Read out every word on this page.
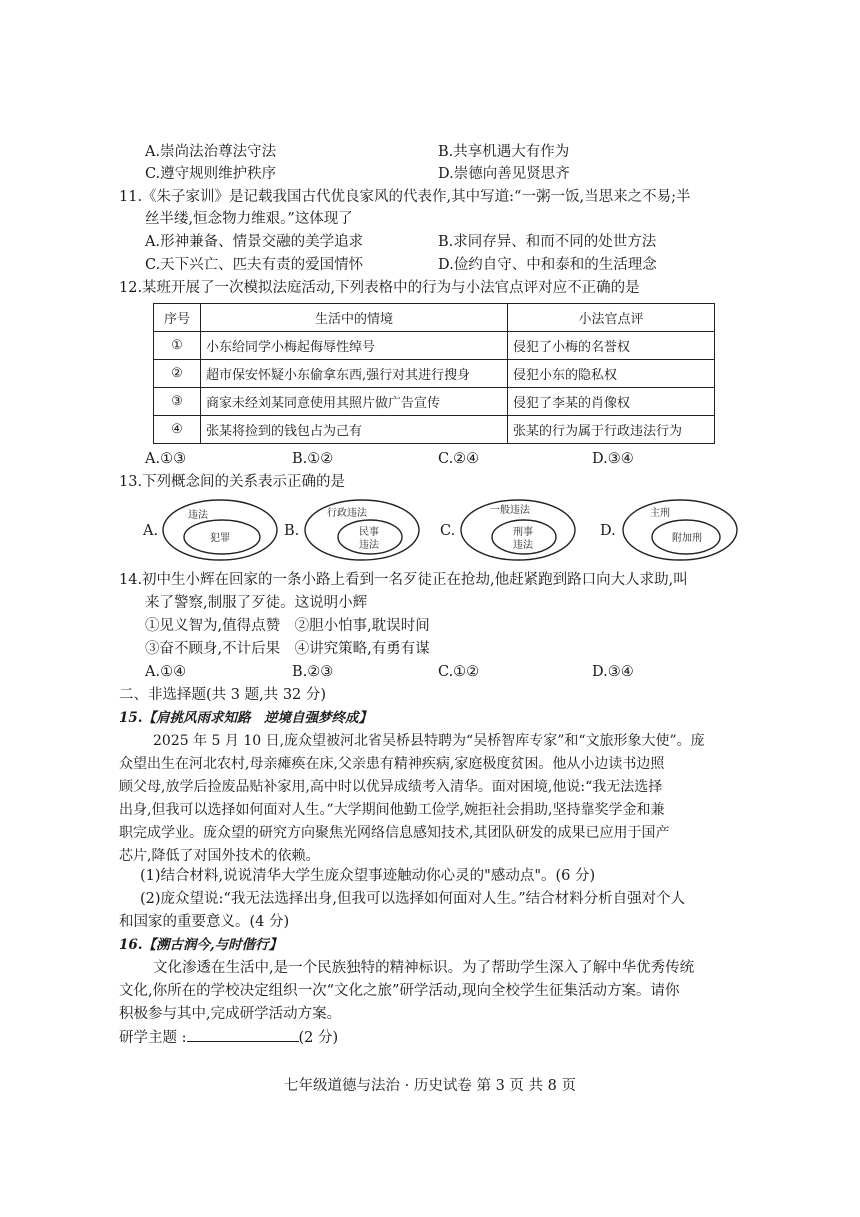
A.崇尚法治尊法守法	B.共享机遇大有作为
C.遵守规则维护秩序	D.崇德向善见贤思齐
11.《朱子家训》是记载我国古代优良家风的代表作,其中写道:“一粥一饭,当思来之不易;半
丝半缕,恒念物力维艰。”这体现了
A.形神兼备、情景交融的美学追求	B.求同存异、和而不同的处世方法
C.天下兴亡、匹夫有责的爱国情怀	D.俭约自守、中和泰和的生活理念
12.某班开展了一次模拟法庭活动,下列表格中的行为与小法官点评对应不正确的是
序号	生活中的情境	小法官点评
①	小东给同学小梅起侮辱性绰号	侵犯了小梅的名誉权
②	超市保安怀疑小东偷拿东西,强行对其进行搜身	侵犯小东的隐私权
③	商家未经刘某同意使用其照片做广告宣传	侵犯了李某的肖像权
④	张某将捡到的钱包占为己有	张某的行为属于行政违法行为
A.①③	B.①②	C.②④	D.③④
13.下列概念间的关系表示正确的是
A.
违法
犯罪	B.
行政违法
民事
违法
C.
一般违法
刑事
违法
D.
主刑
附加刑
14.初中生小辉在回家的一条小路上看到一名歹徒正在抢劫,他赶紧跑到路口向大人求助,叫
来了警察,制服了歹徒。这说明小辉
①见义智为,值得点赞　②胆小怕事,耽误时间
③奋不顾身,不计后果　④讲究策略,有勇有谋
A.①④	B.②③	C.①②	D.③④
二、非选择题(共 3 题,共 32 分)
15.【肩挑风雨求知路　逆境自强梦终成】
2025 年 5 月 10 日,庞众望被河北省吴桥县特聘为“吴桥智库专家”和“文旅形象大使”。庞
众望出生在河北农村,母亲瘫痪在床,父亲患有精神疾病,家庭极度贫困。他从小边读书边照
顾父母,放学后捡废品贴补家用,高中时以优异成绩考入清华。面对困境,他说:“我无法选择
出身,但我可以选择如何面对人生。”大学期间他勤工俭学,婉拒社会捐助,坚持靠奖学金和兼
职完成学业。庞众望的研究方向聚焦光网络信息感知技术,其团队研发的成果已应用于国产
芯片,降低了对国外技术的依赖。
(1)结合材料,说说清华大学生庞众望事迹触动你心灵的"感动点"。(6 分)
(2)庞众望说:“我无法选择出身,但我可以选择如何面对人生。”结合材料分析自强对个人
和国家的重要意义。(4 分)
16.【溯古润今,与时偕行】
文化渗透在生活中,是一个民族独特的精神标识。为了帮助学生深入了解中华优秀传统
文化,你所在的学校决定组织一次“文化之旅”研学活动,现向全校学生征集活动方案。请你
积极参与其中,完成研学活动方案。
研学主题 :	(2 分)
七年级道德与法治 · 历史试卷 第 3 页 共 8 页
